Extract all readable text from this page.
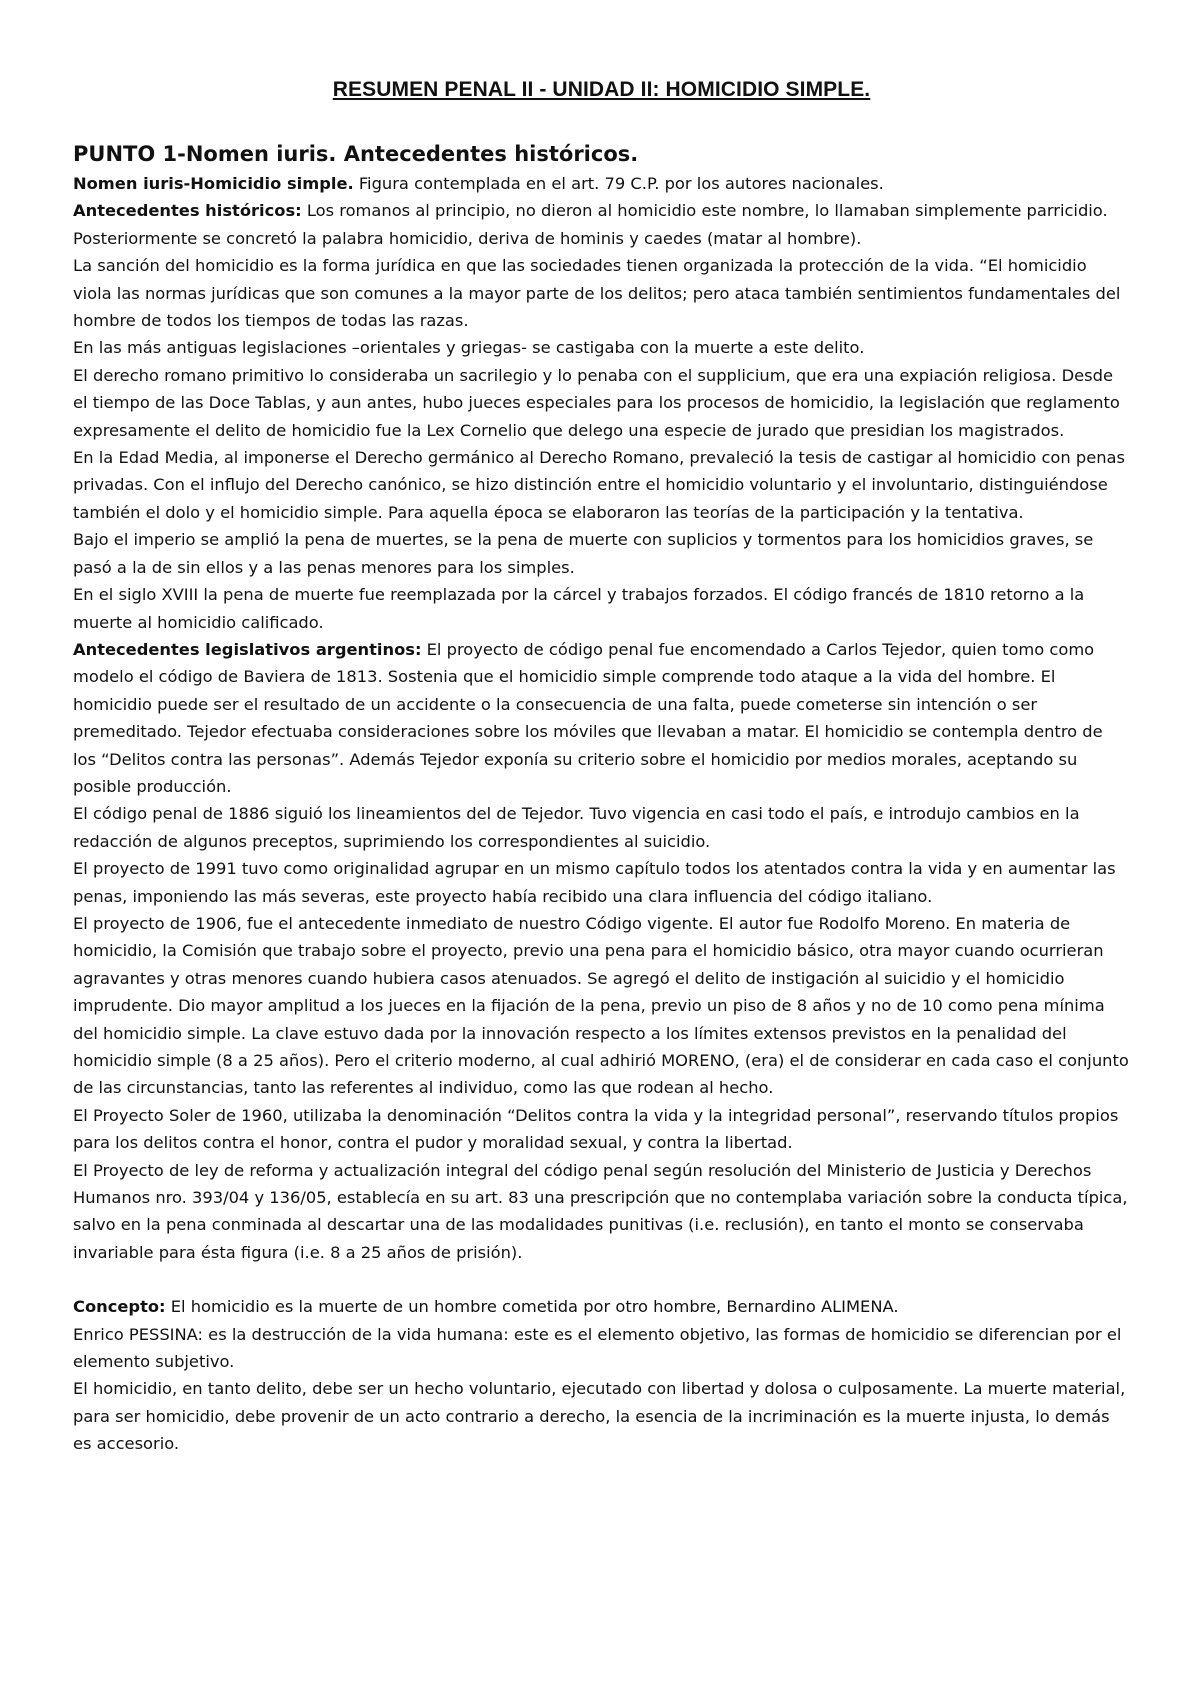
RESUMEN PENAL II - UNIDAD II: HOMICIDIO SIMPLE.
PUNTO 1-Nomen iuris. Antecedentes históricos.

Nomen iuris-Homicidio simple. Figura contemplada en el art. 79 C.P. por los autores nacionales.

Antecedentes históricos: Los romanos al principio, no dieron al homicidio este nombre, lo llamaban simplemente parricidio. Posteriormente se concretó la palabra homicidio, deriva de hominis y caedes (matar al hombre).

La sanción del homicidio es la forma jurídica en que las sociedades tienen organizada la protección de la vida. “El homicidio viola las normas jurídicas que son comunes a la mayor parte de los delitos; pero ataca también sentimientos fundamentales del hombre de todos los tiempos de todas las razas.

En las más antiguas legislaciones –orientales y griegas- se castigaba con la muerte a este delito.

El derecho romano primitivo lo consideraba un sacrilegio y lo penaba con el supplicium, que era una expiación religiosa. Desde el tiempo de las Doce Tablas, y aun antes, hubo jueces especiales para los procesos de homicidio, la legislación que reglamento expresamente el delito de homicidio fue la Lex Cornelio que delego una especie de jurado que presidian los magistrados.

En la Edad Media, al imponerse el Derecho germánico al Derecho Romano, prevaleció la tesis de castigar al homicidio con penas privadas. Con el influjo del Derecho canónico, se hizo distinción entre el homicidio voluntario y el involuntario, distinguiéndose también el dolo y el homicidio simple. Para aquella época se elaboraron las teorías de la participación y la tentativa.

Bajo el imperio se amplió la pena de muertes, se la pena de muerte con suplicios y tormentos para los homicidios graves, se pasó a la de sin ellos y a las penas menores para los simples.

En el siglo XVIII la pena de muerte fue reemplazada por la cárcel y trabajos forzados. El código francés de 1810 retorno a la muerte al homicidio calificado.

Antecedentes legislativos argentinos: El proyecto de código penal fue encomendado a Carlos Tejedor, quien tomo como modelo el código de Baviera de 1813. Sostenia que el homicidio simple comprende todo ataque a la vida del hombre. El homicidio puede ser el resultado de un accidente o la consecuencia de una falta, puede cometerse sin intención o ser premeditado. Tejedor efectuaba consideraciones sobre los móviles que llevaban a matar. El homicidio se contempla dentro de los “Delitos contra las personas”. Además Tejedor exponía su criterio sobre el homicidio por medios morales, aceptando su posible producción.

El código penal de 1886 siguió los lineamientos del de Tejedor. Tuvo vigencia en casi todo el país, e introdujo cambios en la redacción de algunos preceptos, suprimiendo los correspondientes al suicidio.

El proyecto de 1991 tuvo como originalidad agrupar en un mismo capítulo todos los atentados contra la vida y en aumentar las penas, imponiendo las más severas, este proyecto había recibido una clara influencia del código italiano.

El proyecto de 1906, fue el antecedente inmediato de nuestro Código vigente. El autor fue Rodolfo Moreno. En materia de homicidio, la Comisión que trabajo sobre el proyecto, previo una pena para el homicidio básico, otra mayor cuando ocurrieran agravantes y otras menores cuando hubiera casos atenuados. Se agregó el delito de instigación al suicidio y el homicidio imprudente. Dio mayor amplitud a los jueces en la fijación de la pena, previo un piso de 8 años y no de 10 como pena mínima del homicidio simple. La clave estuvo dada por la innovación respecto a los límites extensos previstos en la penalidad del homicidio simple (8 a 25 años). Pero el criterio moderno, al cual adhirió MORENO, (era) el de considerar en cada caso el conjunto de las circunstancias, tanto las referentes al individuo, como las que rodean al hecho.

El Proyecto Soler de 1960, utilizaba la denominación “Delitos contra la vida y la integridad personal”, reservando títulos propios para los delitos contra el honor, contra el pudor y moralidad sexual, y contra la libertad.

El Proyecto de ley de reforma y actualización integral del código penal según resolución del Ministerio de Justicia y Derechos Humanos nro. 393/04 y 136/05, establecía en su art. 83 una prescripción que no contemplaba variación sobre la conducta típica, salvo en la pena conminada al descartar una de las modalidades punitivas (i.e. reclusión), en tanto el monto se conservaba invariable para ésta figura (i.e. 8 a 25 años de prisión).

Concepto: El homicidio es la muerte de un hombre cometida por otro hombre, Bernardino ALIMENA.

Enrico PESSINA: es la destrucción de la vida humana: este es el elemento objetivo, las formas de homicidio se diferencian por el elemento subjetivo.

El homicidio, en tanto delito, debe ser un hecho voluntario, ejecutado con libertad y dolosa o culposamente. La muerte material, para ser homicidio, debe provenir de un acto contrario a derecho, la esencia de la incriminación es la muerte injusta, lo demás es accesorio.
